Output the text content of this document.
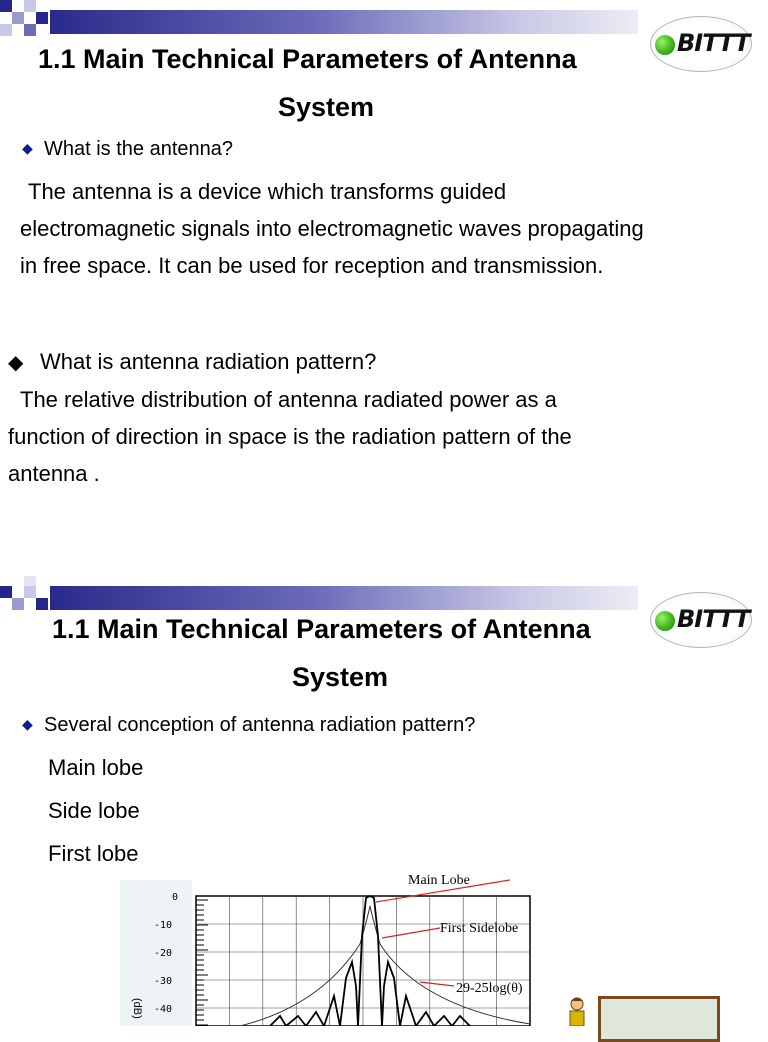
BITTT
1.1 Main Technical Parameters of Antenna
System
◆ What is the antenna?
The antenna is a device which transforms guided
electromagnetic signals into electromagnetic waves propagating
in free space. It can be used for reception and transmission.
◆ What is antenna radiation pattern?
The relative distribution of antenna radiated power as a
function of direction in space is the radiation pattern of the
antenna .
BITTT
1.1 Main Technical Parameters of Antenna
System
◆ Several conception of antenna radiation pattern?
Main lobe
Side lobe
First lobe
Main Lobe
First Sidelobe
29-25log(θ)
0
-10
-20
-30
-40
(dB)
